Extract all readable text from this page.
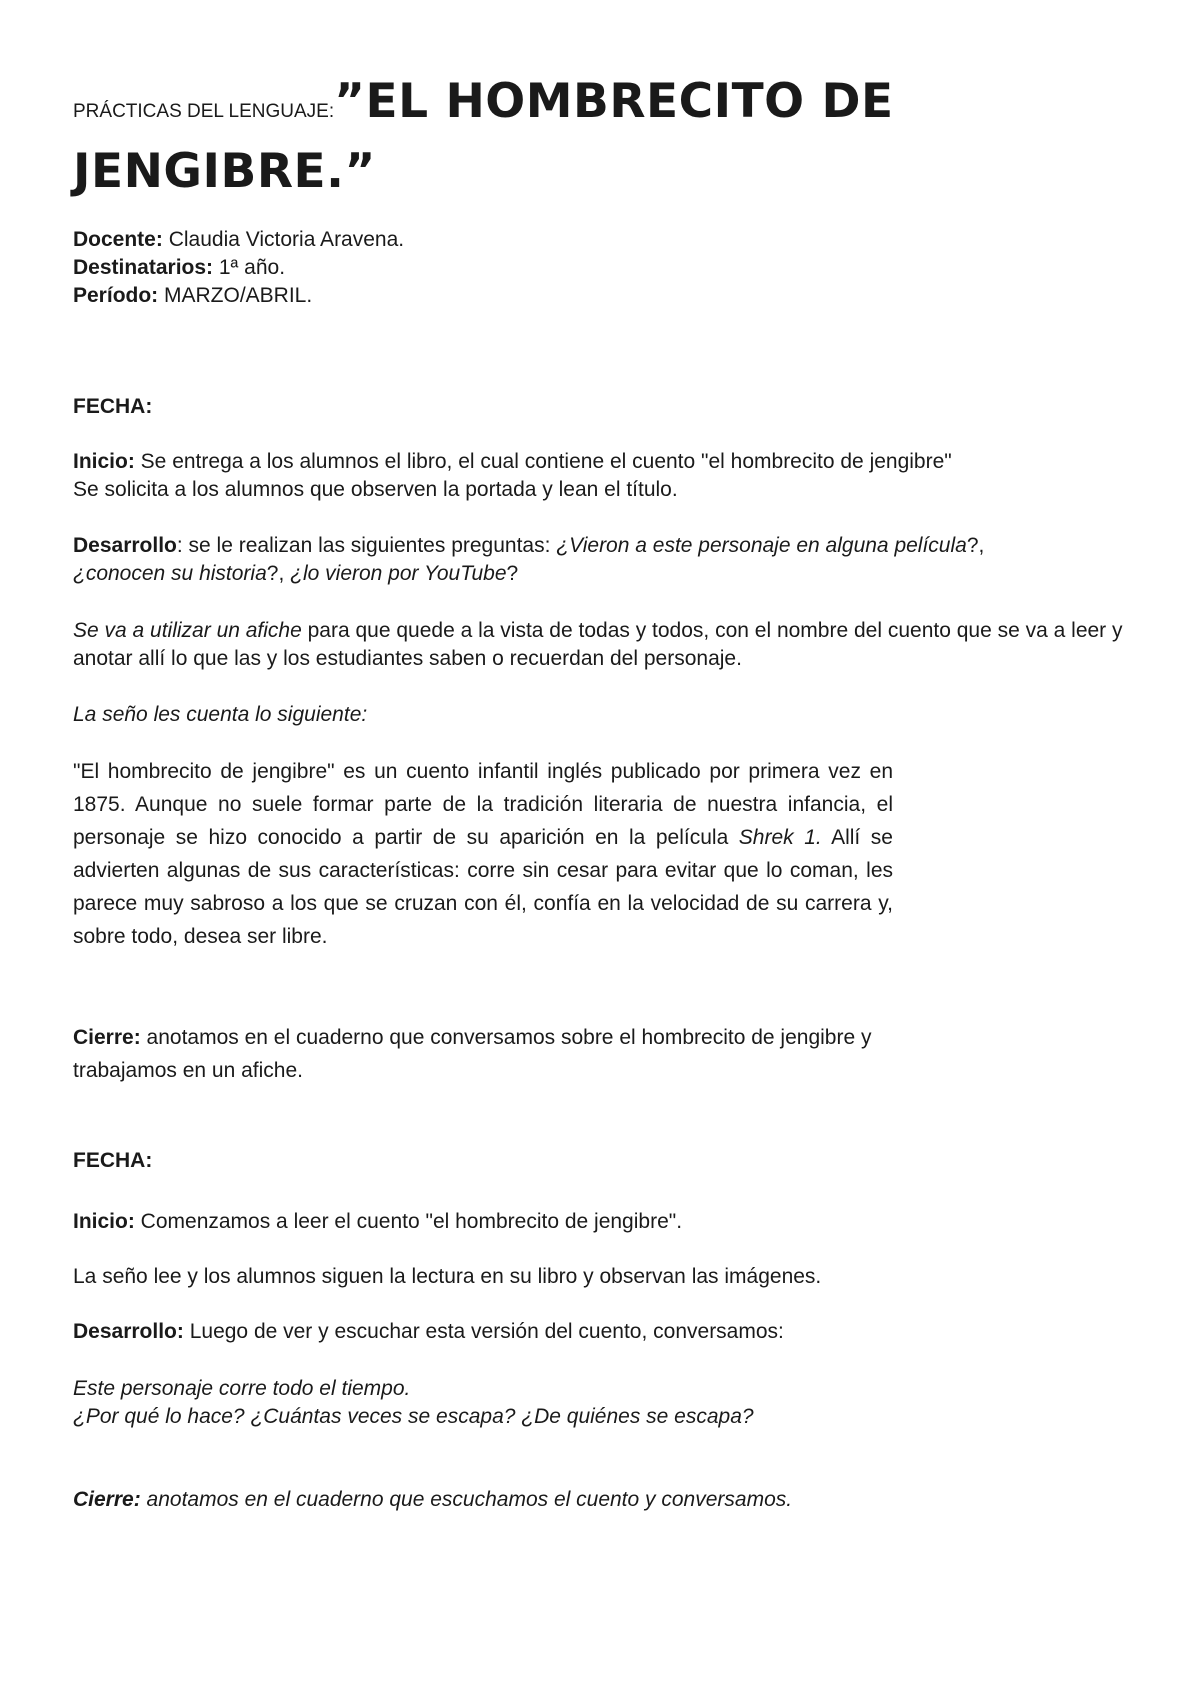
PRÁCTICAS DEL LENGUAJE:”EL HOMBRECITO DE
JENGIBRE.”
Docente: Claudia Victoria Aravena.
Destinatarios: 1ª año.
Período: MARZO/ABRIL.
FECHA:
Inicio: Se entrega a los alumnos el libro, el cual contiene el cuento "el hombrecito de jengibre"
Se solicita a los alumnos que observen la portada y lean el título.

Desarrollo: se le realizan las siguientes preguntas: ¿Vieron a este personaje en alguna película?,
¿conocen su historia?, ¿lo vieron por YouTube?

Se va a utilizar un afiche para que quede a la vista de todas y todos, con el nombre del cuento que se va a leer y anotar allí lo que las y los estudiantes saben o recuerdan del personaje.

La seño les cuenta lo siguiente:

"El hombrecito de jengibre" es un cuento infantil inglés publicado por primera vez en 1875. Aunque no suele formar parte de la tradición literaria de nuestra infancia, el personaje se hizo conocido a partir de su aparición en la película Shrek 1. Allí se advierten algunas de sus características: corre sin cesar para evitar que lo coman, les parece muy sabroso a los que se cruzan con él, confía en la velocidad de su carrera y, sobre todo, desea ser libre.

Cierre: anotamos en el cuaderno que conversamos sobre el hombrecito de jengibre y trabajamos en un afiche.

FECHA:
Inicio: Comenzamos a leer el cuento "el hombrecito de jengibre".
La seño lee y los alumnos siguen la lectura en su libro y observan las imágenes.
Desarrollo: Luego de ver y escuchar esta versión del cuento, conversamos:
Este personaje corre todo el tiempo.
¿Por qué lo hace? ¿Cuántas veces se escapa? ¿De quiénes se escapa?
Cierre: anotamos en el cuaderno que escuchamos el cuento y conversamos.
